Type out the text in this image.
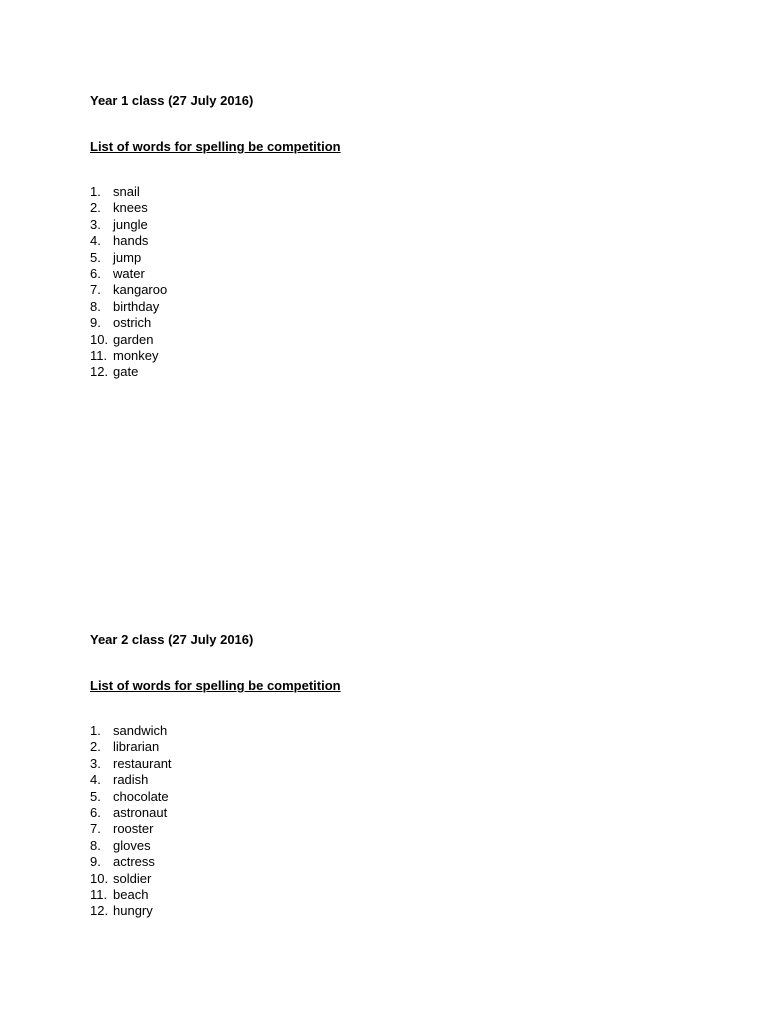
Year 1 class (27 July 2016)

List of words for spelling be competition

1. snail
2. knees
3. jungle
4. hands
5. jump
6. water
7. kangaroo
8. birthday
9. ostrich
10. garden
11. monkey
12. gate

Year 2 class (27 July 2016)

List of words for spelling be competition

1. sandwich
2. librarian
3. restaurant
4. radish
5. chocolate
6. astronaut
7. rooster
8. gloves
9. actress
10. soldier
11. beach
12. hungry
